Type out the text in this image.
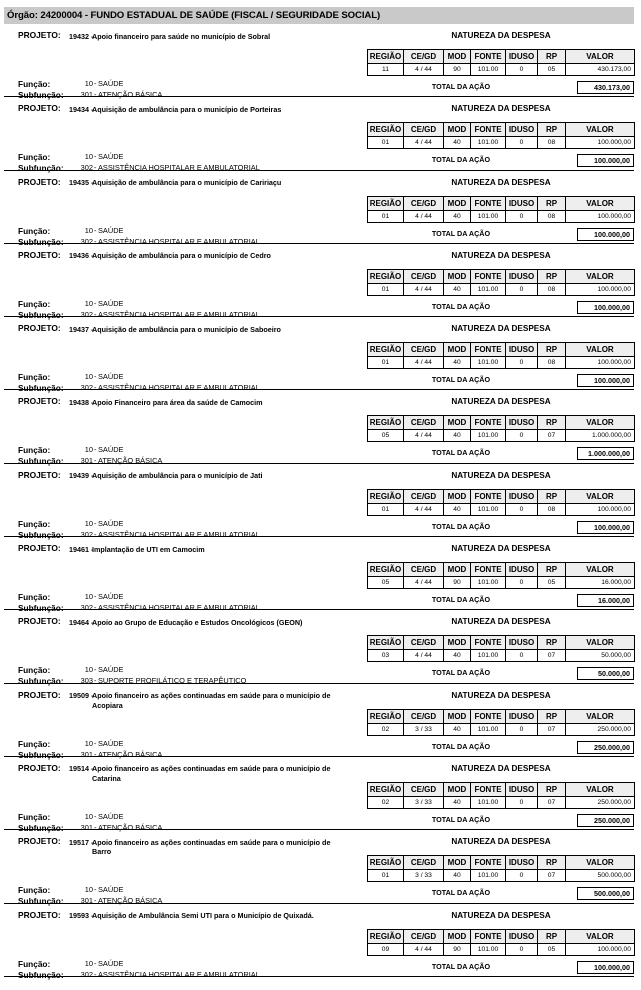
Órgão: 24200004 - FUNDO ESTADUAL DE SAÚDE (FISCAL / SEGURIDADE SOCIAL)
PROJETO: 19432 -
Apoio financeiro para saúde no município de Sobral	NATUREZA DA DESPESA
REGIÃO	CE/GD	MOD	FONTE	IDUSO	RP	VALOR
11	4 / 44	90	101.00	0	05	430.173,00
Função:	10 - SAÚDE
Subfunção:	301 - ATENÇÃO BÁSICA
TOTAL DA AÇÃO	430.173,00
PROJETO: 19434 -
Aquisição de ambulância para o município de Porteiras	NATUREZA DA DESPESA
REGIÃO	CE/GD	MOD	FONTE	IDUSO	RP	VALOR
01	4 / 44	40	101.00	0	08	100.000,00
Função:	10 - SAÚDE
Subfunção:	302 - ASSISTÊNCIA HOSPITALAR E AMBULATORIAL
TOTAL DA AÇÃO	100.000,00
PROJETO: 19435 -
Aquisição de ambulância para o município de Caririaçu	NATUREZA DA DESPESA
REGIÃO	CE/GD	MOD	FONTE	IDUSO	RP	VALOR
01	4 / 44	40	101.00	0	08	100.000,00
Função:	10 - SAÚDE
Subfunção:	302 - ASSISTÊNCIA HOSPITALAR E AMBULATORIAL
TOTAL DA AÇÃO	100.000,00
PROJETO: 19436 -
Aquisição de ambulância para o município de Cedro	NATUREZA DA DESPESA
REGIÃO	CE/GD	MOD	FONTE	IDUSO	RP	VALOR
01	4 / 44	40	101.00	0	08	100.000,00
Função:	10 - SAÚDE
Subfunção:	302 - ASSISTÊNCIA HOSPITALAR E AMBULATORIAL
TOTAL DA AÇÃO	100.000,00
PROJETO: 19437 -
Aquisição de ambulância para o município de Saboeiro	NATUREZA DA DESPESA
REGIÃO	CE/GD	MOD	FONTE	IDUSO	RP	VALOR
01	4 / 44	40	101.00	0	08	100.000,00
Função:	10 - SAÚDE
Subfunção:	302 - ASSISTÊNCIA HOSPITALAR E AMBULATORIAL
TOTAL DA AÇÃO	100.000,00
PROJETO: 19438 -
Apoio Financeiro para área da saúde de Camocim	NATUREZA DA DESPESA
REGIÃO	CE/GD	MOD	FONTE	IDUSO	RP	VALOR
05	4 / 44	40	101.00	0	07	1.000.000,00
Função:	10 - SAÚDE
Subfunção:	301 - ATENÇÃO BÁSICA
TOTAL DA AÇÃO	1.000.000,00
PROJETO: 19439 -
Aquisição de ambulância para o município de Jati	NATUREZA DA DESPESA
REGIÃO	CE/GD	MOD	FONTE	IDUSO	RP	VALOR
01	4 / 44	40	101.00	0	08	100.000,00
Função:	10 - SAÚDE
Subfunção:	302 - ASSISTÊNCIA HOSPITALAR E AMBULATORIAL
TOTAL DA AÇÃO	100.000,00
PROJETO: 19461 -
Implantação de UTI em Camocim	NATUREZA DA DESPESA
REGIÃO	CE/GD	MOD	FONTE	IDUSO	RP	VALOR
05	4 / 44	90	101.00	0	05	16.000,00
Função:	10 - SAÚDE
Subfunção:	302 - ASSISTÊNCIA HOSPITALAR E AMBULATORIAL
TOTAL DA AÇÃO	16.000,00
PROJETO: 19464 -
Apoio ao Grupo de Educação e Estudos Oncológicos (GEON)	NATUREZA DA DESPESA
REGIÃO	CE/GD	MOD	FONTE	IDUSO	RP	VALOR
03	4 / 44	40	101.00	0	07	50.000,00
Função:	10 - SAÚDE
Subfunção:	303 - SUPORTE PROFILÁTICO E TERAPÊUTICO
TOTAL DA AÇÃO	50.000,00
PROJETO: 19509 -
Apoio financeiro as ações continuadas em saúde para o município de Acopiara
NATUREZA DA DESPESA
REGIÃO	CE/GD	MOD	FONTE	IDUSO	RP	VALOR
02	3 / 33	40	101.00	0	07	250.000,00
Função:	10 - SAÚDE
Subfunção:	301 - ATENÇÃO BÁSICA
TOTAL DA AÇÃO	250.000,00
PROJETO: 19514 -
Apoio financeiro as ações continuadas em saúde para o município de Catarina
NATUREZA DA DESPESA
REGIÃO	CE/GD	MOD	FONTE	IDUSO	RP	VALOR
02	3 / 33	40	101.00	0	07	250.000,00
Função:	10 - SAÚDE
Subfunção:	301 - ATENÇÃO BÁSICA
TOTAL DA AÇÃO	250.000,00
PROJETO: 19517 -
Apoio financeiro as ações continuadas em saúde para o município de Barro
NATUREZA DA DESPESA
REGIÃO	CE/GD	MOD	FONTE	IDUSO	RP	VALOR
01	3 / 33	40	101.00	0	07	500.000,00
Função:	10 - SAÚDE
Subfunção:	301 - ATENÇÃO BÁSICA
TOTAL DA AÇÃO	500.000,00
PROJETO: 19593 -
Aquisição de Ambulância Semi UTI para o Município de Quixadá.	NATUREZA DA DESPESA
REGIÃO	CE/GD	MOD	FONTE	IDUSO	RP	VALOR
09	4 / 44	90	101.00	0	05	100.000,00
Função:	10 - SAÚDE
Subfunção:	302 - ASSISTÊNCIA HOSPITALAR E AMBULATORIAL
TOTAL DA AÇÃO	100.000,00
